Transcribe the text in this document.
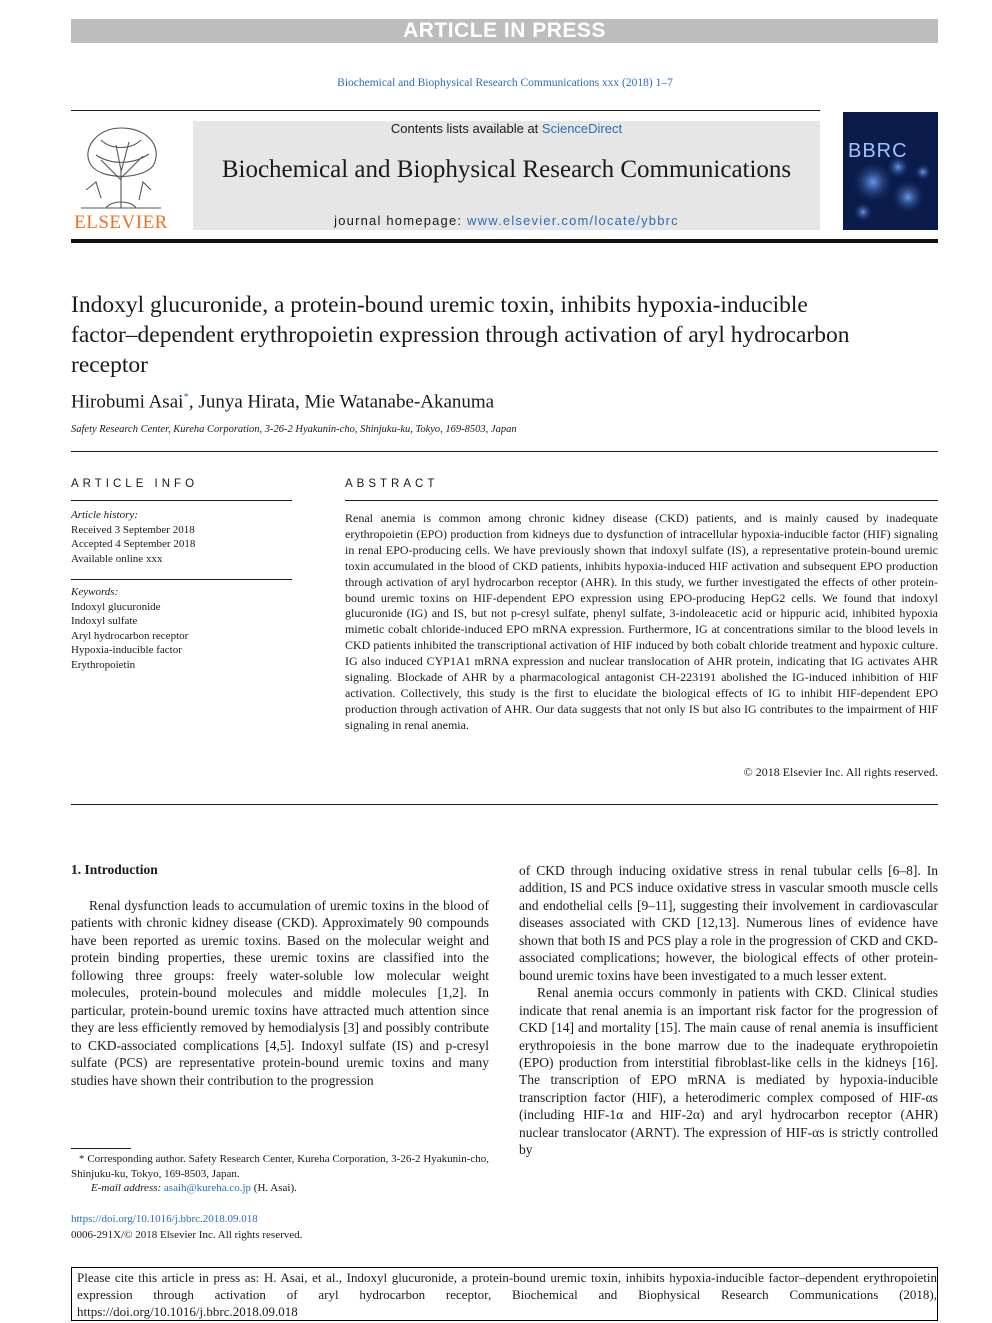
ARTICLE IN PRESS
Biochemical and Biophysical Research Communications xxx (2018) 1–7
ELSEVIER
Contents lists available at ScienceDirect
Biochemical and Biophysical Research Communications
journal homepage: www.elsevier.com/locate/ybbrc
BBRC
Indoxyl glucuronide, a protein-bound uremic toxin, inhibits hypoxia-inducible factor–dependent erythropoietin expression through activation of aryl hydrocarbon receptor
Hirobumi Asai*, Junya Hirata, Mie Watanabe-Akanuma
Safety Research Center, Kureha Corporation, 3-26-2 Hyakunin-cho, Shinjuku-ku, Tokyo, 169-8503, Japan
ARTICLE INFO
Article history:
Received 3 September 2018
Accepted 4 September 2018
Available online xxx
Keywords:
Indoxyl glucuronide
Indoxyl sulfate
Aryl hydrocarbon receptor
Hypoxia-inducible factor
Erythropoietin
ABSTRACT
Renal anemia is common among chronic kidney disease (CKD) patients, and is mainly caused by inadequate erythropoietin (EPO) production from kidneys due to dysfunction of intracellular hypoxia-inducible factor (HIF) signaling in renal EPO-producing cells. We have previously shown that indoxyl sulfate (IS), a representative protein-bound uremic toxin accumulated in the blood of CKD patients, inhibits hypoxia-induced HIF activation and subsequent EPO production through activation of aryl hydrocarbon receptor (AHR). In this study, we further investigated the effects of other protein-bound uremic toxins on HIF-dependent EPO expression using EPO-producing HepG2 cells. We found that indoxyl glucuronide (IG) and IS, but not p-cresyl sulfate, phenyl sulfate, 3-indoleacetic acid or hippuric acid, inhibited hypoxia mimetic cobalt chloride-induced EPO mRNA expression. Furthermore, IG at concentrations similar to the blood levels in CKD patients inhibited the transcriptional activation of HIF induced by both cobalt chloride treatment and hypoxic culture. IG also induced CYP1A1 mRNA expression and nuclear translocation of AHR protein, indicating that IG activates AHR signaling. Blockade of AHR by a pharmacological antagonist CH-223191 abolished the IG-induced inhibition of HIF activation. Collectively, this study is the first to elucidate the biological effects of IG to inhibit HIF-dependent EPO production through activation of AHR. Our data suggests that not only IS but also IG contributes to the impairment of HIF signaling in renal anemia.
© 2018 Elsevier Inc. All rights reserved.
1. Introduction

Renal dysfunction leads to accumulation of uremic toxins in the blood of patients with chronic kidney disease (CKD). Approximately 90 compounds have been reported as uremic toxins. Based on the molecular weight and protein binding properties, these uremic toxins are classified into the following three groups: freely water-soluble low molecular weight molecules, protein-bound molecules and middle molecules [1,2]. In particular, protein-bound uremic toxins have attracted much attention since they are less efficiently removed by hemodialysis [3] and possibly contribute to CKD-associated complications [4,5]. Indoxyl sulfate (IS) and p-cresyl sulfate (PCS) are representative protein-bound uremic toxins and many studies have shown their contribution to the progression

of CKD through inducing oxidative stress in renal tubular cells [6–8]. In addition, IS and PCS induce oxidative stress in vascular smooth muscle cells and endothelial cells [9–11], suggesting their involvement in cardiovascular diseases associated with CKD [12,13]. Numerous lines of evidence have shown that both IS and PCS play a role in the progression of CKD and CKD-associated complications; however, the biological effects of other protein-bound uremic toxins have been investigated to a much lesser extent.

Renal anemia occurs commonly in patients with CKD. Clinical studies indicate that renal anemia is an important risk factor for the progression of CKD [14] and mortality [15]. The main cause of renal anemia is insufficient erythropoiesis in the bone marrow due to the inadequate erythropoietin (EPO) production from interstitial fibroblast-like cells in the kidneys [16]. The transcription of EPO mRNA is mediated by hypoxia-inducible transcription factor (HIF), a heterodimeric complex composed of HIF-αs (including HIF-1α and HIF-2α) and aryl hydrocarbon receptor (AHR) nuclear translocator (ARNT). The expression of HIF-αs is strictly controlled by

* Corresponding author. Safety Research Center, Kureha Corporation, 3-26-2 Hyakunin-cho, Shinjuku-ku, Tokyo, 169-8503, Japan.
E-mail address: asaih@kureha.co.jp (H. Asai).
https://doi.org/10.1016/j.bbrc.2018.09.018
0006-291X/© 2018 Elsevier Inc. All rights reserved.
Please cite this article in press as: H. Asai, et al., Indoxyl glucuronide, a protein-bound uremic toxin, inhibits hypoxia-inducible factor–dependent erythropoietin expression through activation of aryl hydrocarbon receptor, Biochemical and Biophysical Research Communications (2018), https://doi.org/10.1016/j.bbrc.2018.09.018
